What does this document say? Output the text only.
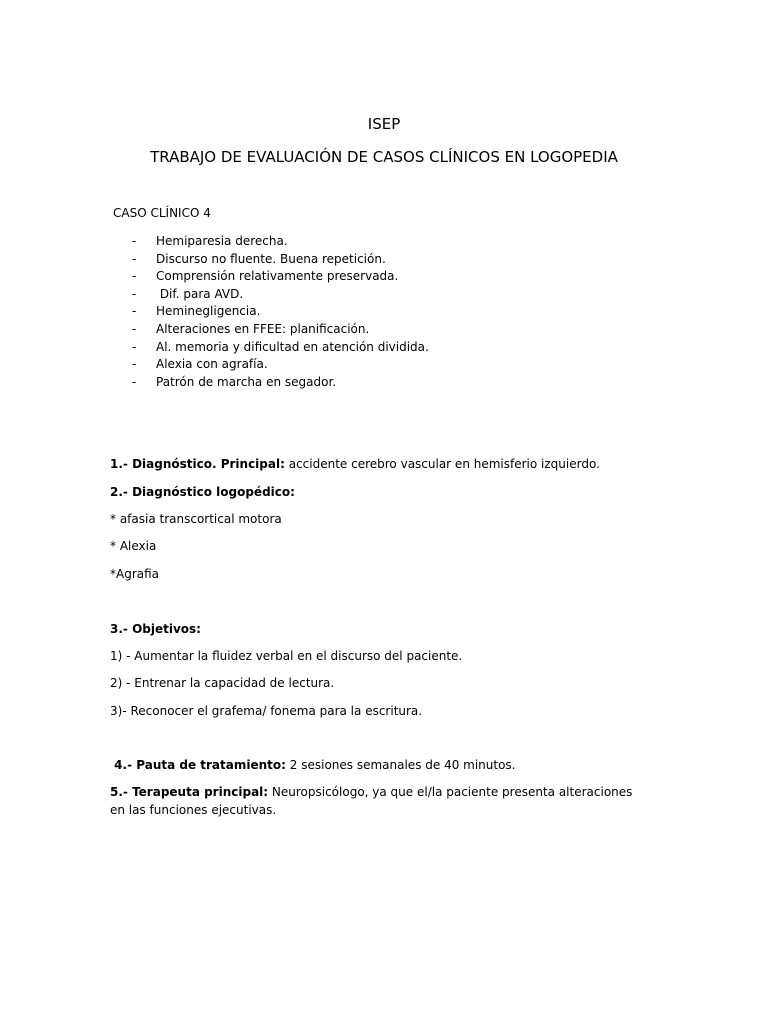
ISEP
TRABAJO DE EVALUACIÓN DE CASOS CLÍNICOS EN LOGOPEDIA
CASO CLÍNICO 4
- Hemiparesia derecha.
- Discurso no fluente. Buena repetición.
- Comprensión relativamente preservada.
- Dif. para AVD.
- Heminegligencia.
- Alteraciones en FFEE: planificación.
- Al. memoria y dificultad en atención dividida.
- Alexia con agrafía.
- Patrón de marcha en segador.
1.- Diagnóstico. Principal: accidente cerebro vascular en hemisferio izquierdo.
2.- Diagnóstico logopédico:
* afasia transcortical motora
* Alexia
*Agrafia
3.- Objetivos:
1) - Aumentar la fluidez verbal en el discurso del paciente.
2) - Entrenar la capacidad de lectura.
3)- Reconocer el grafema/ fonema para la escritura.
4.- Pauta de tratamiento: 2 sesiones semanales de 40 minutos.
5.- Terapeuta principal: Neuropsicólogo, ya que el/la paciente presenta alteraciones en las funciones ejecutivas.
